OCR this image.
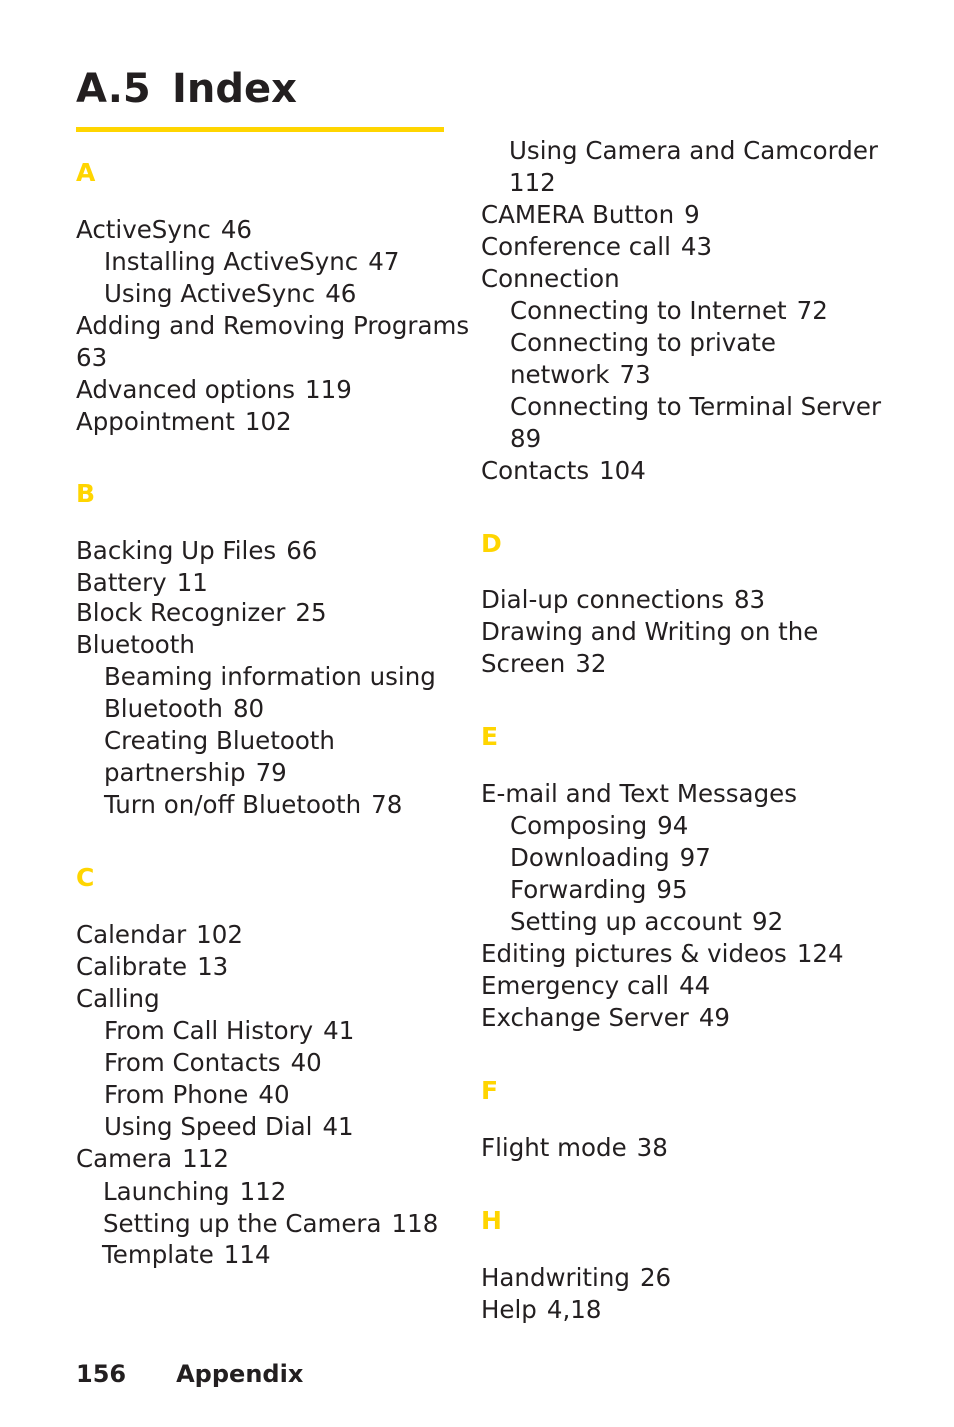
A.5 Index
A
ActiveSync 46
Installing ActiveSync 47
Using ActiveSync 46
Adding and Removing Programs
63
Advanced options 119
Appointment 102
B
Backing Up Files 66
Battery 11
Block Recognizer 25
Bluetooth
Beaming information using
Bluetooth 80
Creating Bluetooth
partnership 79
Turn on/off Bluetooth 78
C
Calendar 102
Calibrate 13
Calling
From Call History 41
From Contacts 40
From Phone 40
Using Speed Dial 41
Camera 112
Launching 112
Setting up the Camera 118
Template 114
Using Camera and Camcorder
112
CAMERA Button 9
Conference call 43
Connection
Connecting to Internet 72
Connecting to private
network 73
Connecting to Terminal Server
89
Contacts 104
D
Dial-up connections 83
Drawing and Writing on the
Screen 32
E
E-mail and Text Messages
Composing 94
Downloading 97
Forwarding 95
Setting up account 92
Editing pictures & videos 124
Emergency call 44
Exchange Server 49
F
Flight mode 38
H
Handwriting 26
Help 4,18
156 Appendix
